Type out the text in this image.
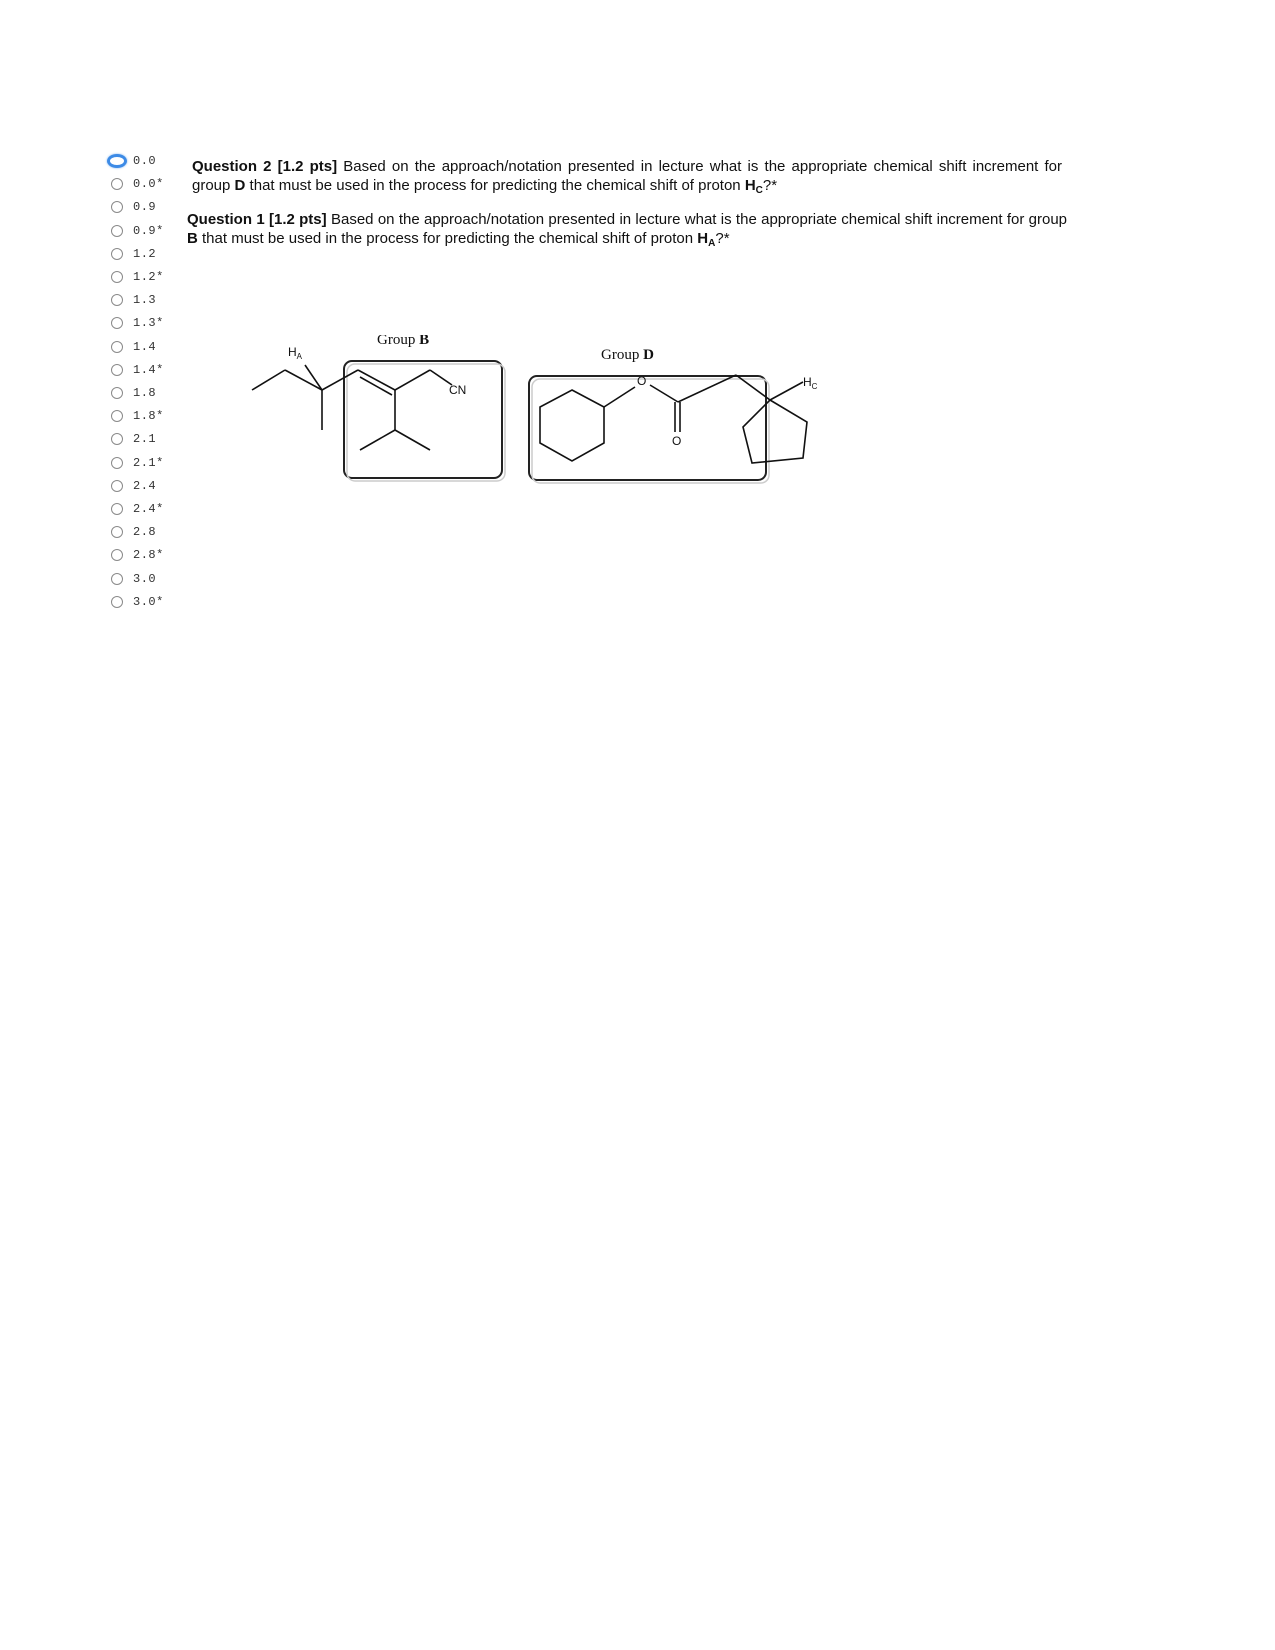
0.0
0.0*
0.9
0.9*
1.2
1.2*
1.3
1.3*
1.4
1.4*
1.8
1.8*
2.1
2.1*
2.4
2.4*
2.8
2.8*
3.0
3.0*
Question 2 [1.2 pts] Based on the approach/notation presented in lecture what is the appropriate chemical shift increment for group D that must be used in the process for predicting the chemical shift of proton $H_C?*$
Question 1 [1.2 pts] Based on the approach/notation presented in lecture what is the appropriate chemical shift increment for group B that must be used in the process for predicting the chemical shift of proton $H_A?*$
Group B
Group D
$H_A$
$H_C$
CN
O
O
